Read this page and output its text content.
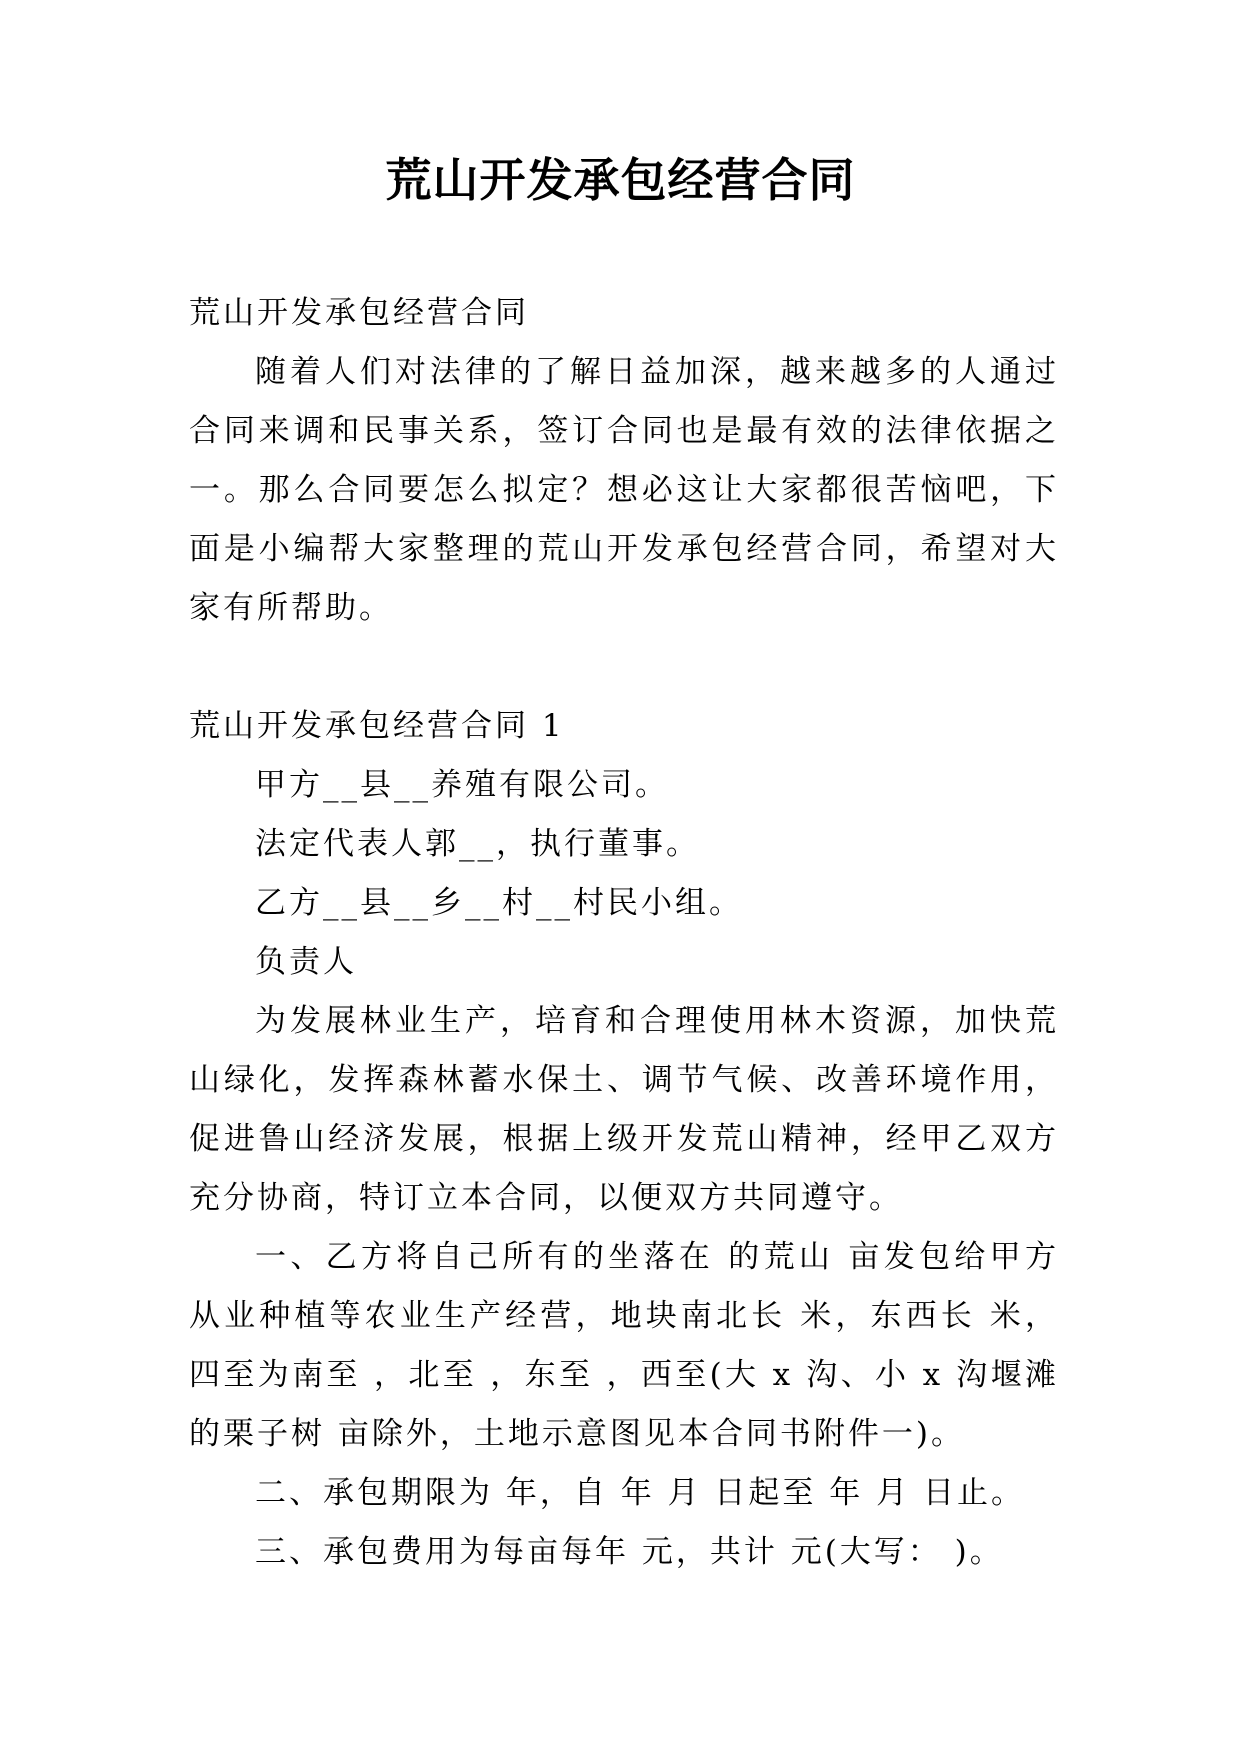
荒山开发承包经营合同

荒山开发承包经营合同

随着人们对法律的了解日益加深，越来越多的人通过合同来调和民事关系，签订合同也是最有效的法律依据之一。那么合同要怎么拟定？想必这让大家都很苦恼吧，下面是小编帮大家整理的荒山开发承包经营合同，希望对大家有所帮助。

荒山开发承包经营合同 1

甲方__县__养殖有限公司。

法定代表人郭__，执行董事。

乙方__县__乡__村__村民小组。

负责人

为发展林业生产，培育和合理使用林木资源，加快荒山绿化，发挥森林蓄水保土、调节气候、改善环境作用，促进鲁山经济发展，根据上级开发荒山精神，经甲乙双方充分协商，特订立本合同，以便双方共同遵守。

一、乙方将自己所有的坐落在 的荒山 亩发包给甲方从业种植等农业生产经营，地块南北长 米，东西长 米，四至为南至 ，北至 ，东至 ，西至(大 x 沟、小 x 沟堰滩的栗子树 亩除外，土地示意图见本合同书附件一)。

二、承包期限为 年，自 年 月 日起至 年 月 日止。

三、承包费用为每亩每年 元，共计 元(大写： )。
